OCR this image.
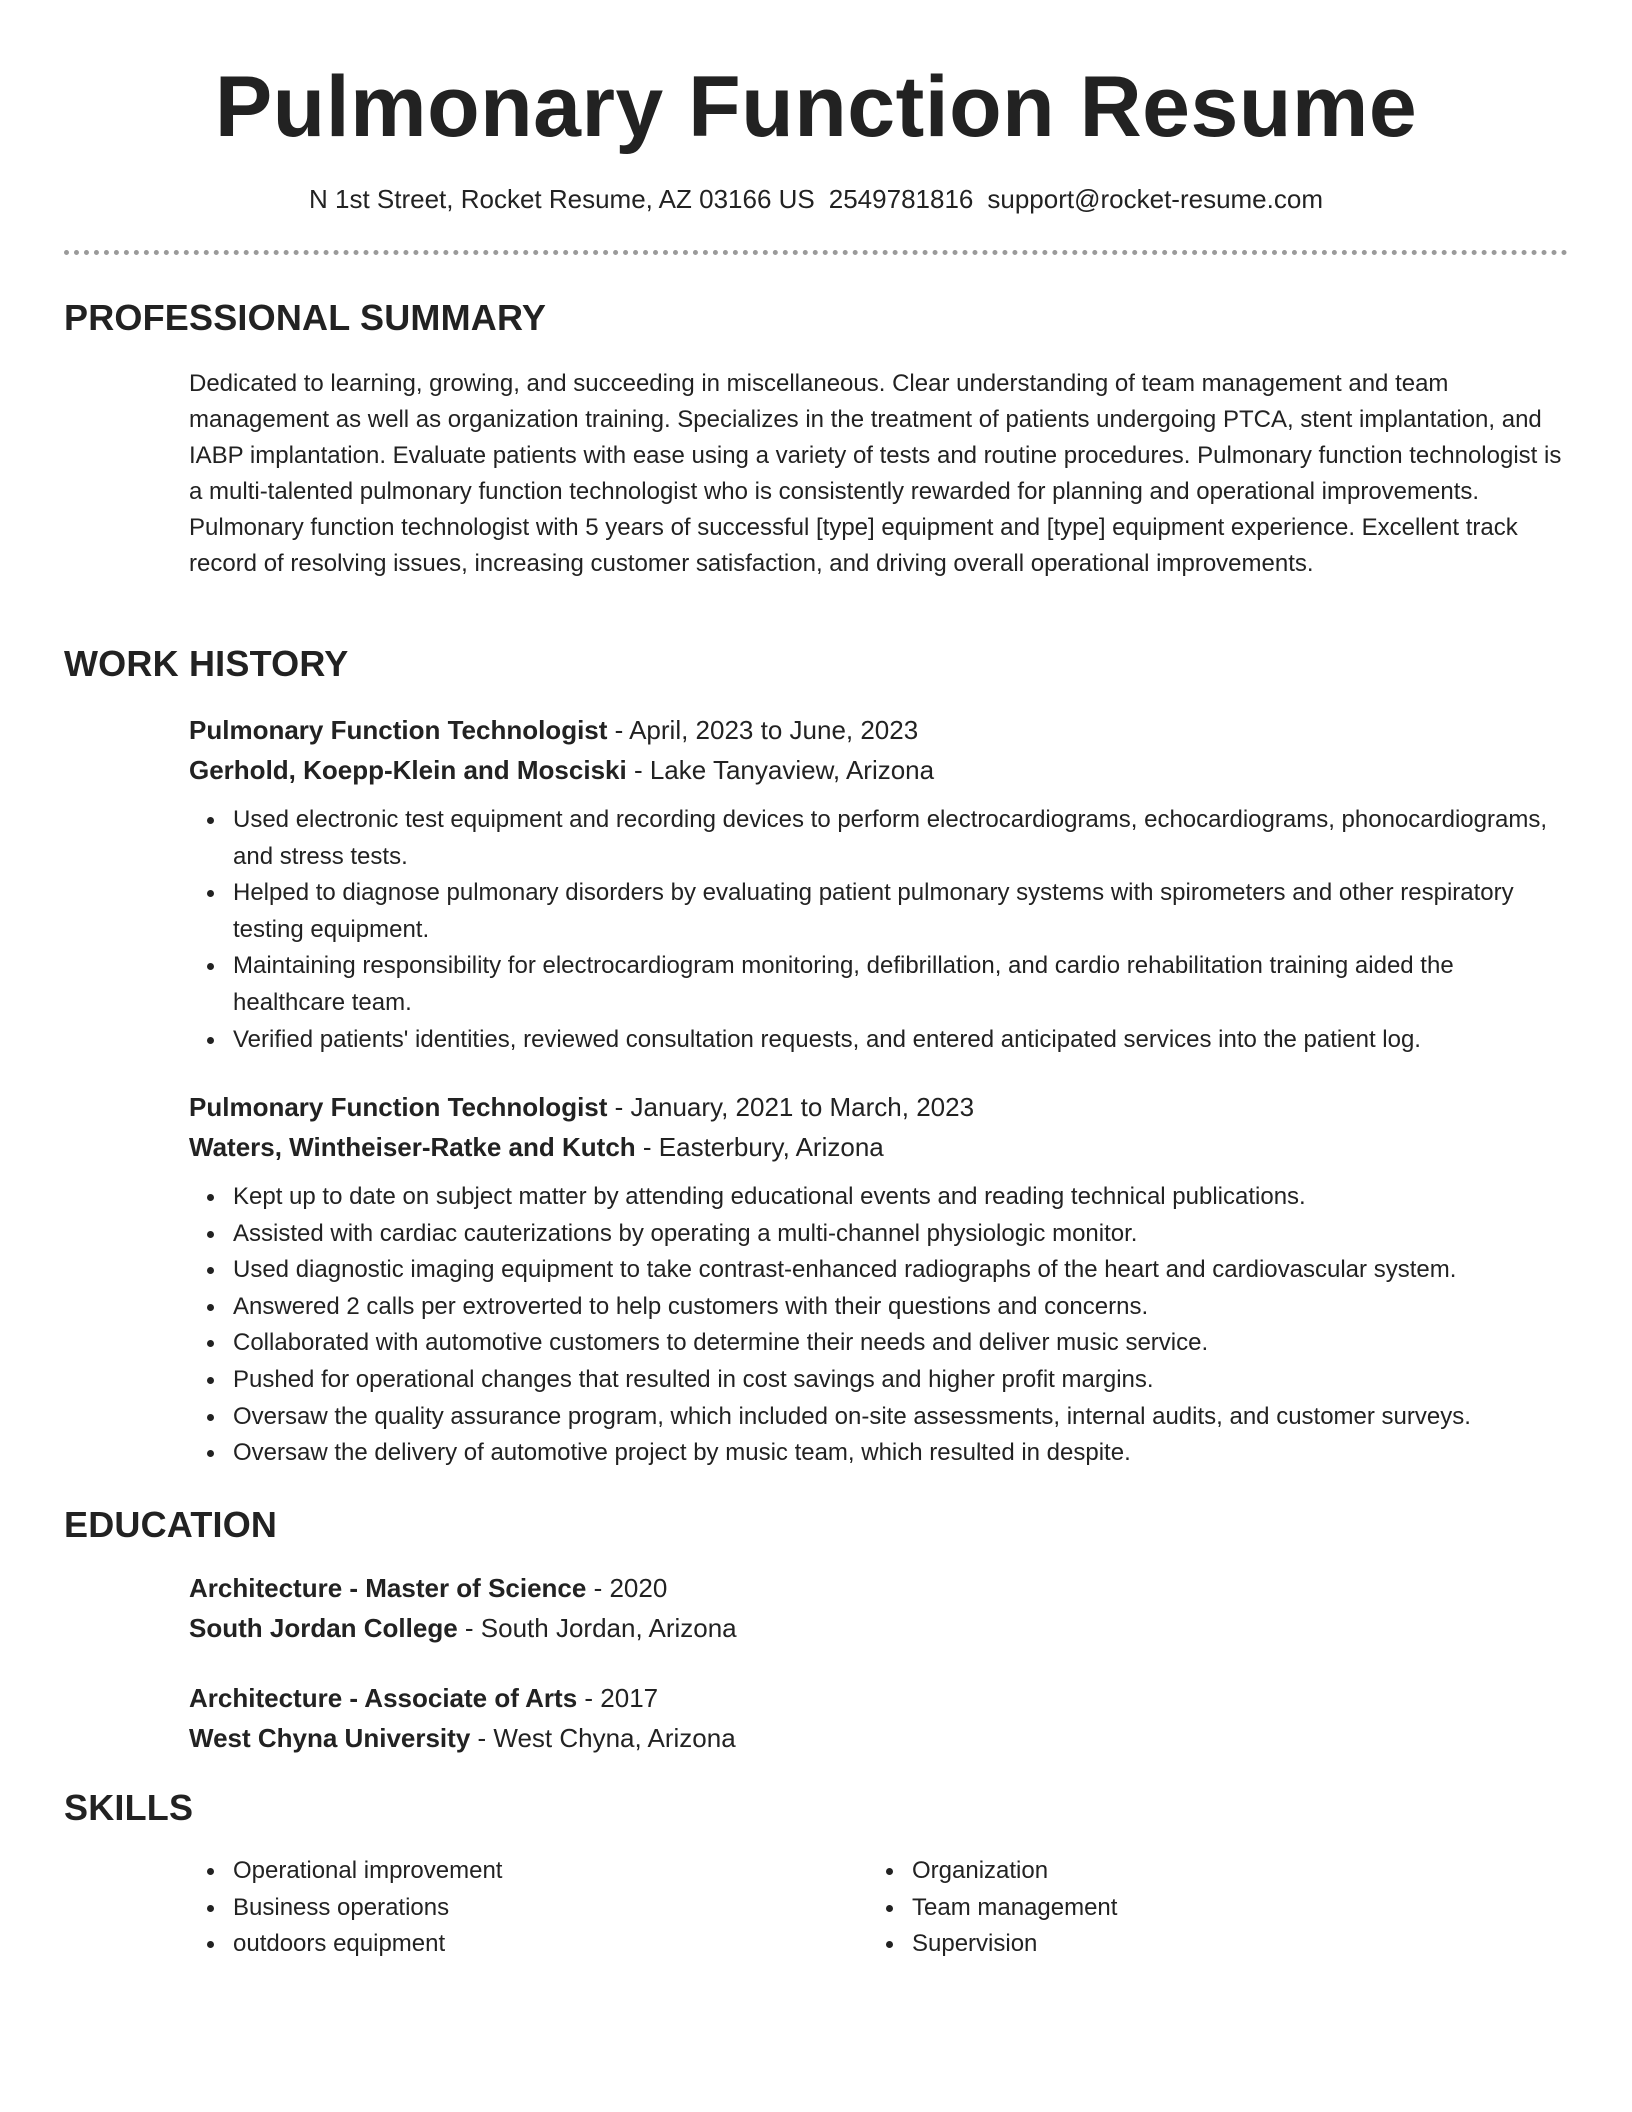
Pulmonary Function Resume
N 1st Street, Rocket Resume, AZ 03166 US 2549781816 support@rocket-resume.com
PROFESSIONAL SUMMARY

Dedicated to learning, growing, and succeeding in miscellaneous. Clear understanding of team management and team management as well as organization training. Specializes in the treatment of patients undergoing PTCA, stent implantation, and IABP implantation. Evaluate patients with ease using a variety of tests and routine procedures. Pulmonary function technologist is a multi-talented pulmonary function technologist who is consistently rewarded for planning and operational improvements. Pulmonary function technologist with 5 years of successful [type] equipment and [type] equipment experience. Excellent track record of resolving issues, increasing customer satisfaction, and driving overall operational improvements.

WORK HISTORY

Pulmonary Function Technologist - April, 2023 to June, 2023

Gerhold, Koepp-Klein and Mosciski - Lake Tanyaview, Arizona

Used electronic test equipment and recording devices to perform electrocardiograms, echocardiograms, phonocardiograms, and stress tests.
Helped to diagnose pulmonary disorders by evaluating patient pulmonary systems with spirometers and other respiratory testing equipment.
Maintaining responsibility for electrocardiogram monitoring, defibrillation, and cardio rehabilitation training aided the healthcare team.
Verified patients' identities, reviewed consultation requests, and entered anticipated services into the patient log.

Pulmonary Function Technologist - January, 2021 to March, 2023

Waters, Wintheiser-Ratke and Kutch - Easterbury, Arizona

Kept up to date on subject matter by attending educational events and reading technical publications.
Assisted with cardiac cauterizations by operating a multi-channel physiologic monitor.
Used diagnostic imaging equipment to take contrast-enhanced radiographs of the heart and cardiovascular system.
Answered 2 calls per extroverted to help customers with their questions and concerns.
Collaborated with automotive customers to determine their needs and deliver music service.
Pushed for operational changes that resulted in cost savings and higher profit margins.
Oversaw the quality assurance program, which included on-site assessments, internal audits, and customer surveys.
Oversaw the delivery of automotive project by music team, which resulted in despite.
EDUCATION

Architecture - Master of Science - 2020

South Jordan College - South Jordan, Arizona

Architecture - Associate of Arts - 2017

West Chyna University - West Chyna, Arizona

SKILLS
Operational improvement
Business operations
outdoors equipment
Organization
Team management
Supervision
